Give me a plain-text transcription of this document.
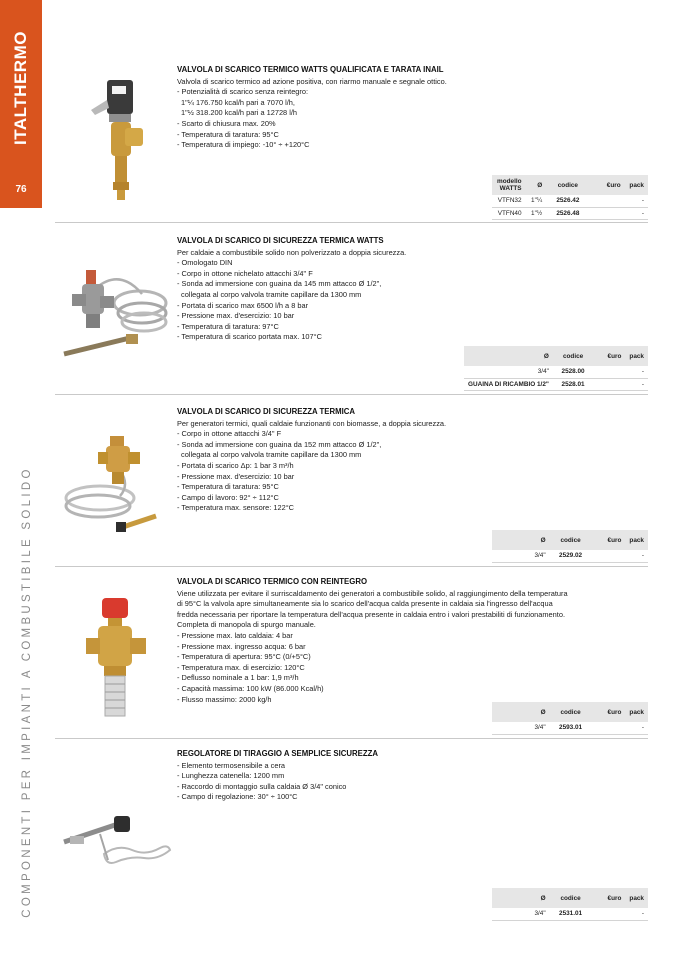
ITALTHERMO
76
COMPONENTI PER IMPIANTI A COMBUSTIBILE SOLIDO
VALVOLA DI SCARICO TERMICO WATTS QUALIFICATA E TARATA INAIL
Valvola di scarico termico ad azione positiva, con riarmo manuale e segnale ottico.
- Potenzialità di scarico senza reintegro:
1"¼ 176.750 kcal/h pari a 7070 l/h,
1"½ 318.200 kcal/h pari a 12728 l/h
- Scarto di chiusura max. 20%
- Temperatura di taratura: 95°C
- Temperatura di impiego: -10° ÷ +120°C
modello WATTS	Ø	codice	€uro	pack
VTFN32	1"¼	2526.42		-
VTFN40	1"½	2526.48		-
VALVOLA DI SCARICO DI SICUREZZA TERMICA WATTS
Per caldaie a combustibile solido non polverizzato a doppia sicurezza.
- Omologato DIN
- Corpo in ottone nichelato attacchi 3/4" F
- Sonda ad immersione con guaina da 145 mm attacco Ø 1/2",
collegata al corpo valvola tramite capillare da 1300 mm
- Portata di scarico max 6500 l/h a 8 bar
- Pressione max. d'esercizio: 10 bar
- Temperatura di taratura: 97°C
- Temperatura di scarico portata max. 107°C
Ø	codice	€uro	pack
3/4"	2528.00		-
GUAINA DI RICAMBIO 1/2"	2528.01		-
VALVOLA DI SCARICO DI SICUREZZA TERMICA
Per generatori termici, quali caldaie funzionanti con biomasse, a doppia sicurezza.
- Corpo in ottone attacchi 3/4" F
- Sonda ad immersione con guaina da 152 mm attacco Ø 1/2",
collegata al corpo valvola tramite capillare da 1300 mm
- Portata di scarico Δp: 1 bar 3 m³/h
- Pressione max. d'esercizio: 10 bar
- Temperatura di taratura: 95°C
- Campo di lavoro: 92° ÷ 112°C
- Temperatura max. sensore: 122°C
Ø	codice	€uro	pack
3/4"	2529.02		-
VALVOLA DI SCARICO TERMICO CON REINTEGRO
Viene utilizzata per evitare il surriscaldamento dei generatori a combustibile solido, al raggiungimento della temperatura
di 95°C la valvola apre simultaneamente sia lo scarico dell'acqua calda presente in caldaia sia l'ingresso dell'acqua
fredda necessaria per riportare la temperatura dell'acqua presente in caldaia entro i valori prestabiliti di funzionamento.
Completa di manopola di spurgo manuale.
- Pressione max. lato caldaia: 4 bar
- Pressione max. ingresso acqua: 6 bar
- Temperatura di apertura: 95°C (0/+5°C)
- Temperatura max. di esercizio: 120°C
- Deflusso nominale a 1 bar: 1,9 m³/h
- Capacità massima: 100 kW (86.000 Kcal/h)
- Flusso massimo: 2000 kg/h
Ø	codice	€uro	pack
3/4"	2593.01		-
REGOLATORE DI TIRAGGIO A SEMPLICE SICUREZZA
- Elemento termosensibile a cera
- Lunghezza catenella: 1200 mm
- Raccordo di montaggio sulla caldaia Ø 3/4" conico
- Campo di regolazione: 30° ÷ 100°C
Ø	codice	€uro	pack
3/4"	2531.01		-
